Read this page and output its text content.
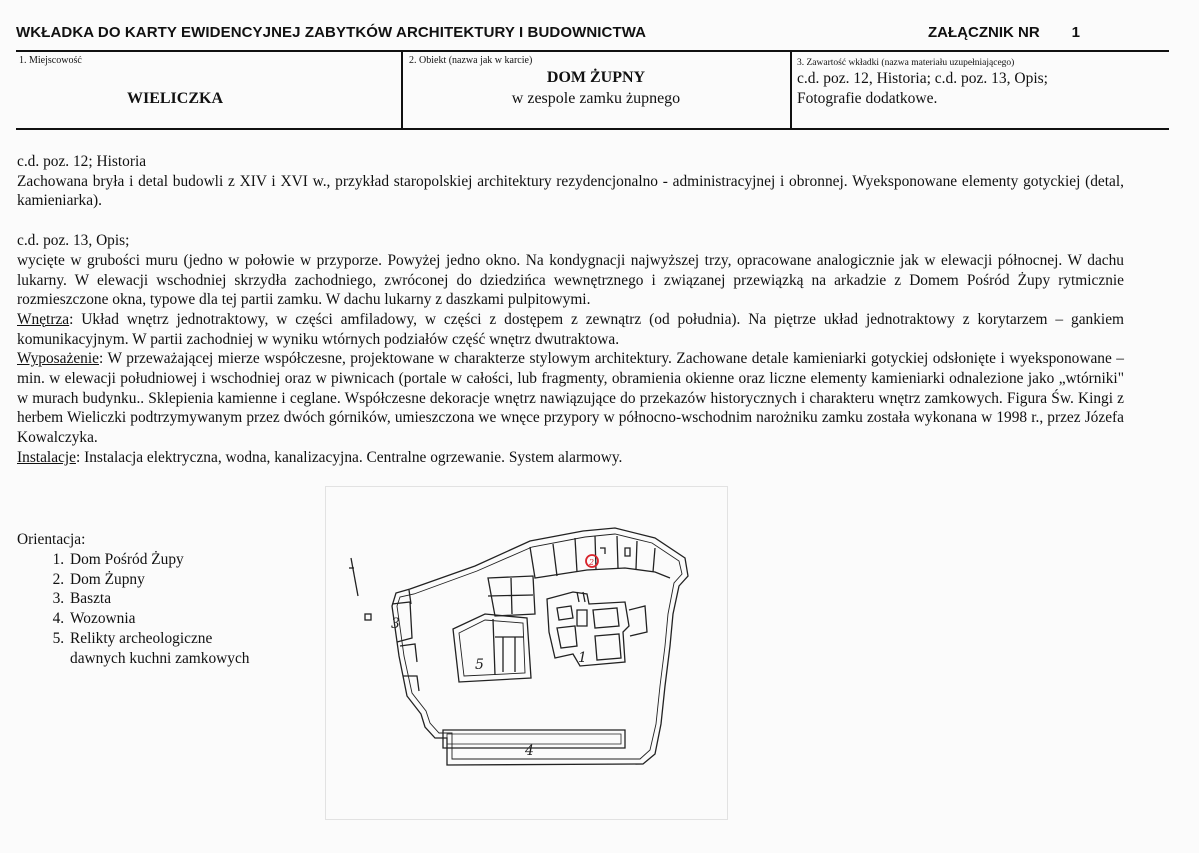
WKŁADKA DO KARTY EWIDENCYJNEJ ZABYTKÓW ARCHITEKTURY I BUDOWNICTWA	ZAŁĄCZNIK NR 1
1. Miejscowość
WIELICZKA
2. Obiekt (nazwa jak w karcie)
DOM ŻUPNY
w zespole zamku żupnego
3. Zawartość wkładki (nazwa materiału uzupełniającego)
c.d. poz. 12, Historia; c.d. poz. 13, Opis;
Fotografie dodatkowe.

c.d. poz. 12; Historia

Zachowana bryła i detal budowli z XIV i XVI w., przykład staropolskiej architektury rezydencjonalno - administracyjnej i obronnej. Wyeksponowane elementy gotyckiej (detal, kamieniarka).

c.d. poz. 13, Opis;

wycięte w grubości muru (jedno w połowie w przyporze. Powyżej jedno okno. Na kondygnacji najwyższej trzy, opracowane analogicznie jak w elewacji północnej. W dachu lukarny. W elewacji wschodniej skrzydła zachodniego, zwróconej do dziedzińca wewnętrznego i związanej przewiązką na arkadzie z Domem Pośród Żupy rytmicznie rozmieszczone okna, typowe dla tej partii zamku. W dachu lukarny z daszkami pulpitowymi.

Wnętrza: Układ wnętrz jednotraktowy, w części amfiladowy, w części z dostępem z zewnątrz (od południa). Na piętrze układ jednotraktowy z korytarzem – gankiem komunikacyjnym. W partii zachodniej w wyniku wtórnych podziałów część wnętrz dwutraktowa.

Wyposażenie: W przeważającej mierze współczesne, projektowane w charakterze stylowym architektury. Zachowane detale kamieniarki gotyckiej odsłonięte i wyeksponowane – min. w elewacji południowej i wschodniej oraz w piwnicach (portale w całości, lub fragmenty, obramienia okienne oraz liczne elementy kamieniarki odnalezione jako „wtórniki" w murach budynku.. Sklepienia kamienne i ceglane. Współczesne dekoracje wnętrz nawiązujące do przekazów historycznych i charakteru wnętrz zamkowych. Figura Św. Kingi z herbem Wieliczki podtrzymywanym przez dwóch górników, umieszczona we wnęce przypory w północno-wschodnim narożniku zamku została wykonana w 1998 r., przez Józefa Kowalczyka.

Instalacje: Instalacja elektryczna, wodna, kanalizacyjna. Centralne ogrzewanie. System alarmowy.

Orientacja:
1. Dom Pośród Żupy
2. Dom Żupny
3. Baszta
4. Wozownia
5. Relikty archeologiczne dawnych kuchni zamkowych
2
1
3
4
5
